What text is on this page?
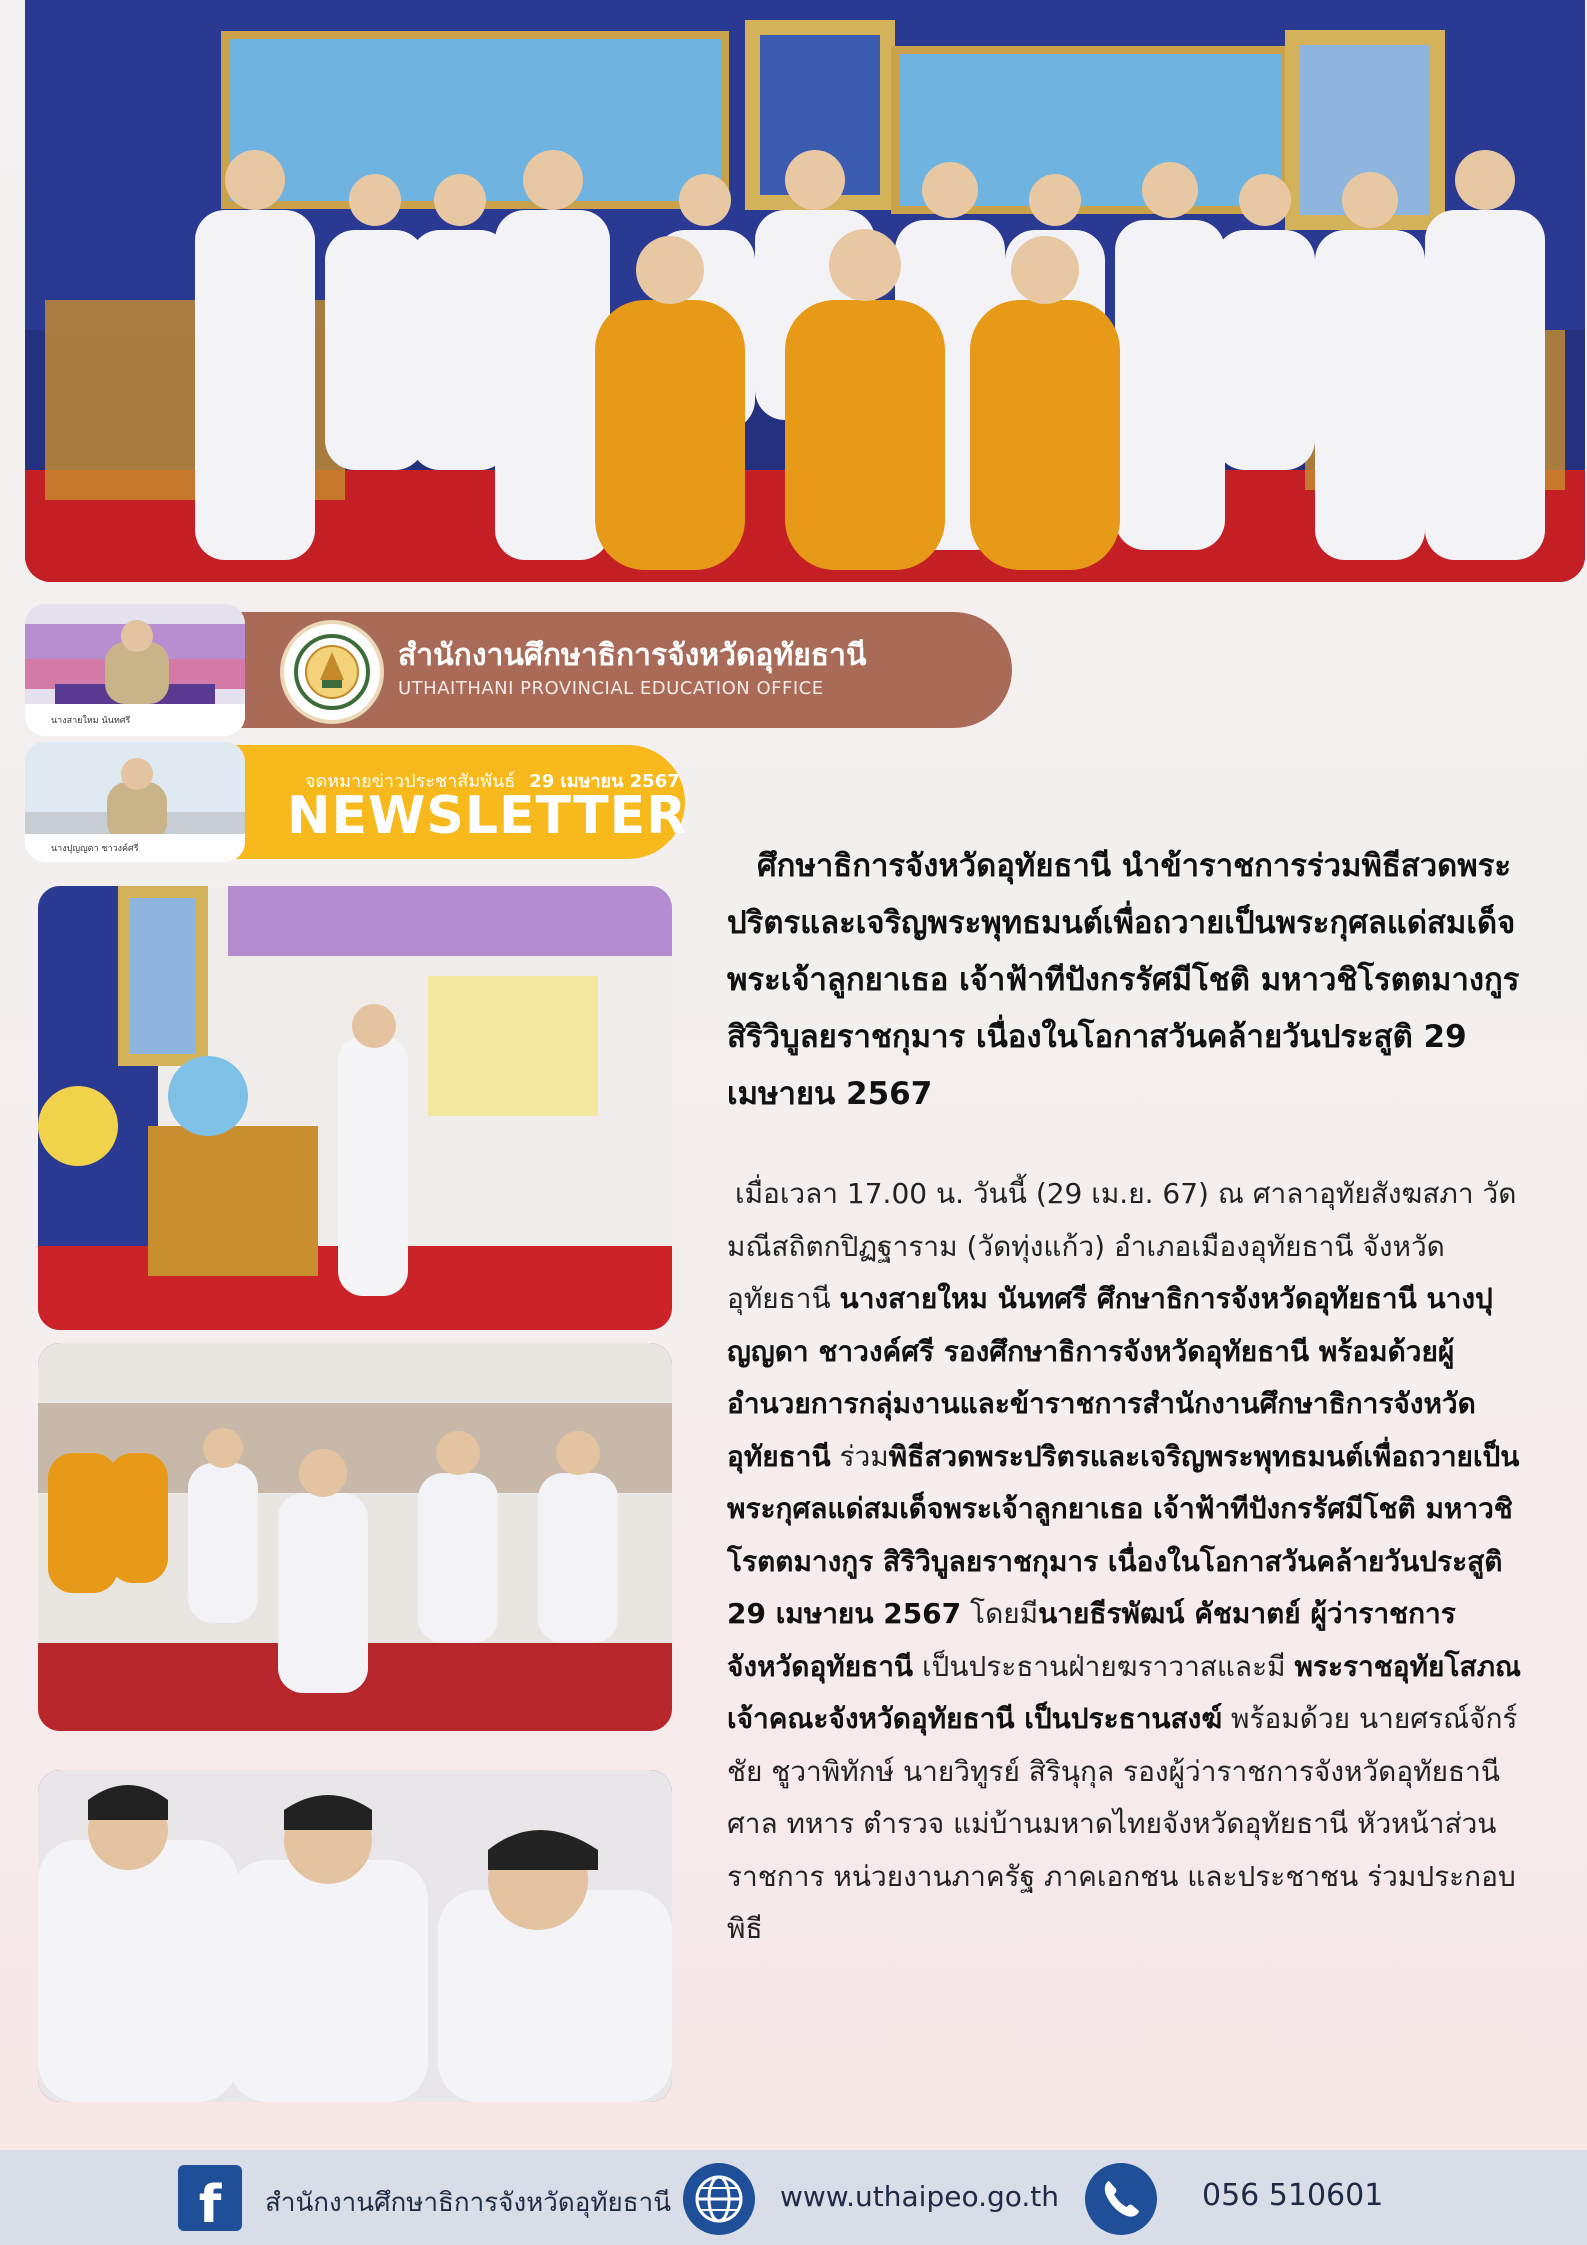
นางสายใหม นันทศรี
สำนักงานศึกษาธิการจังหวัดอุทัยธานี
UTHAITHANI PROVINCIAL EDUCATION OFFICE
นางปุญญดา ชาวงค์ศรี
จดหมายข่าวประชาสัมพันธ์ 29 เมษายน 2567
NEWSLETTER
ศึกษาธิการจังหวัดอุทัยธานี นำข้าราชการร่วมพิธีสวดพระปริตรและเจริญพระพุทธมนต์เพื่อถวายเป็นพระกุศลแด่สมเด็จพระเจ้าลูกยาเธอ เจ้าฟ้าทีปังกรรัศมีโชติ มหาวชิโรตตมางกูร สิริวิบูลยราชกุมาร เนื่องในโอกาสวันคล้ายวันประสูติ 29 เมษายน 2567
เมื่อเวลา 17.00 น. วันนี้ (29 เม.ย. 67) ณ ศาลาอุทัยสังฆสภา วัดมณีสถิตกปิฏฐาราม (วัดทุ่งแก้ว) อำเภอเมืองอุทัยธานี จังหวัดอุทัยธานี นางสายใหม นันทศรี ศึกษาธิการจังหวัดอุทัยธานี นางปุญญดา ชาวงค์ศรี รองศึกษาธิการจังหวัดอุทัยธานี พร้อมด้วยผู้อำนวยการกลุ่มงานและข้าราชการสำนักงานศึกษาธิการจังหวัดอุทัยธานี ร่วมพิธีสวดพระปริตรและเจริญพระพุทธมนต์เพื่อถวายเป็นพระกุศลแด่สมเด็จพระเจ้าลูกยาเธอ เจ้าฟ้าทีปังกรรัศมีโชติ มหาวชิโรตตมางกูร สิริวิบูลยราชกุมาร เนื่องในโอกาสวันคล้ายวันประสูติ 29 เมษายน 2567 โดยมีนายธีรพัฒน์ คัชมาตย์ ผู้ว่าราชการจังหวัดอุทัยธานี เป็นประธานฝ่ายฆราวาสและมี พระราชอุทัยโสภณ เจ้าคณะจังหวัดอุทัยธานี เป็นประธานสงฆ์ พร้อมด้วย นายศรณ์จักร์ชัย ชูวาพิทักษ์ นายวิทูรย์ สิรินุกุล รองผู้ว่าราชการจังหวัดอุทัยธานี ศาล ทหาร ตำรวจ แม่บ้านมหาดไทยจังหวัดอุทัยธานี หัวหน้าส่วนราชการ หน่วยงานภาครัฐ ภาคเอกชน และประชาชน ร่วมประกอบพิธี
f	สำนักงานศึกษาธิการจังหวัดอุทัยธานี	www.uthaipeo.go.th	056 510601
